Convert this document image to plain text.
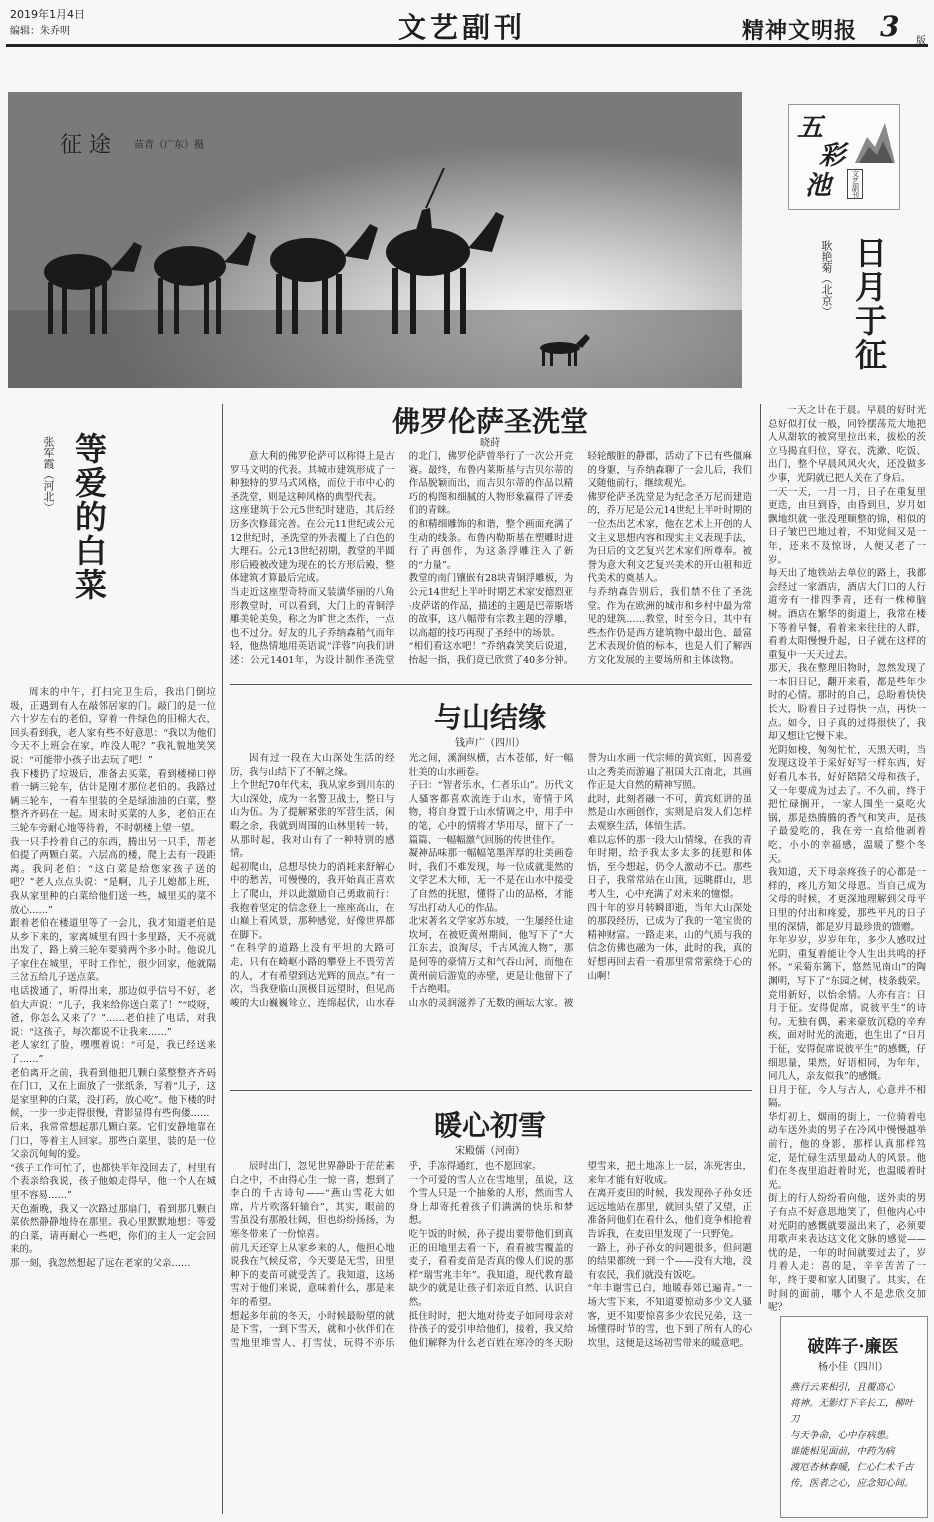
2019年1月4日
编辑：朱乔明	文艺副刊	精神文明报 3 版
征 途 苗青（广东）摄
五
彩
池	文艺副刊
日月于征
耿艳菊（北京）
一天之计在于晨。早晨的好时光总好似打仗一般，同铃摆荡荒大地把人从甜软的被窝里拉出来，拔松的茨立马揭直归位，穿衣、洗漱、吃饭、出门，整个早晨风风火火，还没做多少事，光阴就已把人关在了身后。
一天一天，一月一月，日子在重复里更迭，由旦到昏，由昏到旦，岁月如飘地织就一张没理顺整的锦，相似的日子皱巴巴地过着，不知觉间又是一年，还来不及惊讶，人便又老了一岁。
每天出了地铁站去单位的路上，我都会经过一家酒店，酒店大门口的人行道旁有一排四季青，还有一株樟脑树。酒店在繁华的街道上，我常在楼下等着早餐，看着来来往往的人群，看着太阳慢慢升起，日子就在这样的重复中一天天过去。
那天，我在整理旧物时，忽然发现了一本旧日记，翻开来看，都是些年少时的心情。那时的自己，总盼着快快长大，盼着日子过得快一点，再快一点。如今，日子真的过得很快了，我却又想让它慢下来。
光阴如梭，匆匆忙忙，天黑天明，当发现这设羊于采好好写一样东西，好好看几本书，好好陪陪父母和孩子，又一年要成为过去了。不久前，终于把忙碌搁开，一家人围坐一桌吃火锅，那是热腾腾的香气和笑声，是孩子最爱吃的，我在旁一直给他剥着吃，小小的幸福感，温暖了整个冬天。
我知道，天下母亲疼孩子的心都是一样的，疼儿方知父母恩。当自己成为父母的时候，才更深地理解到父母平日里的付出和疼爱，那些平凡的日子里的深情，都是岁月最珍贵的馈赠。
年年岁岁，岁岁年年，多少人感叹过光阴，重复着能让令人生出共鸣的抒怀。“采菊东篱下，悠然见南山”的陶渊明，写下了“东园之树，枝条载荣。竞用新好，以怡余情。人亦有言：日月于征。安得促席，说彼平生”的诗句。无独有偶，素来豪放沉稳的辛弃疾，面对时光的流逝，也生出了“日月于征，安得促席说彼平生”的感慨，仔细思量，果然，好语相同，为年年，同几人，亲友似我”的感慨。
日月于征，今人与古人，心意并不相隔。
华灯初上，烟雨的街上，一位骑着电动车送外卖的男子在冷风中慢慢越举前行，他的身影，那样认真那样笃定，是忙碌生活里最动人的风景。他们在冬夜里追赶着时光，也温暖着时光。
街上的行人纷纷看向他，送外卖的男子有点不好意思地笑了，但他内心中对光阴的感慨就要溢出来了，必须要用歌声来表达这文化文脉的感觉——忧的是，一年的时间就要过去了，岁月着人走：喜的是，辛辛苦苦了一年，终于要和家人团聚了。其实，在时间的面前，哪个人不是悲欣交加呢？
等爱的白菜
张军霞（河北）
周末的中午，打扫完卫生后，我出门倒垃圾，正遇到有人在敲邻居家的门。敲门的是一位六十岁左右的老伯，穿着一件绿色的旧棉大衣，回头看到我，老人家有些不好意思：“我以为他们今天不上班会在家，咋没人呢？”我礼貌地笑笑说：“可能带小孩子出去玩了吧！”
我下楼扔了垃圾后，准备去买菜，看到楼梯口停着一辆三轮车，估计是刚才那位老伯的。我路过辆三轮车，一看车里装的全是绿油油的白菜，整整齐齐码在一起。周末时买菜的人多，老伯正在三轮车旁耐心地等待着，不时朝楼上望一望。
我一只手拎着自己的东西，腾出另一只手，帮老伯提了两颗白菜。六层高的楼，爬上去有一段距离。我问老伯：“这白菜是给您家孩子送的吧？”老人点点头说：“是啊，儿子儿媳都上班，我从家里种的白菜给他们送一些，城里买的菜不放心……”
跟着老伯在楼道里等了一会儿，我才知道老伯是从乡下来的，家离城里有四十多里路，天不亮就出发了，路上骑三轮车要骑两个多小时。他说儿子家住在城里，平时工作忙，很少回家，他就隔三岔五给儿子送点菜。
电话拨通了，听得出来，那边似乎信号不好，老伯大声说：“儿子，我来给你送白菜了！”“哎呀，爸，你怎么又来了？”……老伯挂了电话，对我说：“这孩子，每次都说不让我来……”
老人家红了脸，嘿嘿着说：“可是，我已经送来了……”
老伯离开之前，我看到他把几颗白菜整整齐齐码在门口，又在上面放了一张纸条，写着“儿子，这是家里种的白菜，没打药，放心吃”。他下楼的时候，一步一步走得很慢，背影显得有些佝偻……
后来，我常常想起那几颗白菜。它们安静地靠在门口，等着主人回家。那些白菜里，装的是一位父亲沉甸甸的爱。
“孩子工作可忙了，也都快半年没回去了，村里有个表亲给我说，孩子他娘走得早，他一个人在城里不容易……”
天色渐晚，我又一次路过那扇门，看到那几颗白菜依然静静地待在那里。我心里默默地想：等爱的白菜，请再耐心一些吧，你们的主人一定会回来的。
那一刻，我忽然想起了远在老家的父亲……
佛罗伦萨圣洗堂
晓莳
意大利的佛罗伦萨可以称得上是古罗马文明的代表。其城市建筑形成了一种独特的罗马式风格，而位于市中心的圣洗堂，则是这种风格的典型代表。
这座建筑于公元5世纪时建造，其后经历多次修葺完善。在公元11世纪或公元12世纪时，圣洗堂的外表覆上了白色的大理石。公元13世纪初期，教堂的半圆形后殿被改建为现在的长方形后殿，整体建筑才算最后完成。
当走近这座型奇特而又装潢华丽的八角形教堂时，可以看到，大门上的青铜浮雕美轮美奂，称之为旷世之杰作，一点也不过分。好友的儿子乔纳森稍气而年轻，他热情地用英语说“洋蓉”向我们讲述：公元1401年，为设计制作圣洗堂的北门，佛罗伦萨曾举行了一次公开竞赛。最终，布鲁内莱斯基与吉贝尔蒂的作品脱颖而出，而吉贝尔蒂的作品以精巧的构图和细腻的人物形象赢得了评委们的青睐。
的和精细雕饰的和谐，整个画面充满了生动的线条。布鲁内勒斯基在塑雕时进行了再创作，为这条浮雕注入了新的“力量”。
教堂的南门镶嵌有28块青铜浮雕板，为公元14世纪上半叶时期艺术家安德烈亚·皮萨诺的作品，描述的主题是巴蒂斯塔的故事，这八幅带有宗教主题的浮雕，以高超的技巧再现了圣经中的场景。
“相们看这水吧！”乔纳森笑笑后说道，抬起一指，我们竟已欣赏了40多分钟。轻轮酸脏的静郡，活动了下已有些僵麻的身躯，与乔纳森聊了一会儿后，我们又随他前行，继续观光。
佛罗伦萨圣洗堂是为纪念圣万尼而建造的，乔万尼是公元14世纪上半叶时期的一位杰出艺术家，他在艺术上开创的人文主义思想内容和现实主义表现手法，为日后的文艺复兴艺术家们所尊奉。被誉为意大利文艺复兴美术的开山祖和近代美术的奠基人。
与乔纳森告别后，我们禁不住了圣洗堂。作为在欧洲的城市和乡村中最为常见的建筑……教堂，时至今日，其中有些杰作仍是西方建筑物中最出色、最富艺术表现价值的标本，也是人们了解西方文化发展的主要场所和主体读物。
与山结缘
钱声广（四川）
因有过一段在大山深处生活的经历，我与山结下了不解之缘。
上个世纪70年代末，我从家乡到川东的大山深处，成为一名警卫战士，整日与山为伍。为了提解紧张的军营生活，闲暇之余，我就到周围的山林里转一转，从那时起，我对山有了一种特别的感情。
起初爬山，总想尽快力的消耗来舒解心中的愁苦，可慢慢的，我开始真正喜欢上了爬山，并以此激励自己勇敢前行：我抱着坚定的信念登上一座座高山，在山巅上看风景，那种感觉，好像世界都在脚下。
“在科学的道路上没有平坦的大路可走，只有在崎岖小路的攀登上不畏劳苦的人，才有希望到达光辉的顶点。”有一次，当我登临山顶极目远望时，但见高峻的大山巍巍耸立，连绵起伏，山水春光之间，溪涧纵横，古木苍郁，好一幅壮美的山水画卷。
子曰：“智者乐水，仁者乐山”。历代文人骚客都喜欢流连于山水，寄情于风物，将自身置于山水情调之中，用手中的笔，心中的情将才华用尽，留下了一篇篇、一幅幅激气回肠的传世佳作。
凝神品味那一幅幅笔墨浑厚的壮美画卷时，我们不难发现，每一位成就斐然的文学艺术大师，无一不是在山水中接受了自然的抚慰，懂得了山的品格，才能写出打动人心的作品。
北宋著名文学家苏东坡，一生屡经仕途坎坷，在被贬黄州期间，他写下了“大江东去，浪淘尽，千古风流人物”，那是何等的豪情万丈和气吞山河，而他在黄州前后游览的赤壁，更是让他留下了千古绝唱。
山水的灵润滋养了无数的画坛大家。被誉为山水画一代宗师的黄宾虹，因喜爱山之秀美而游遍了祖国大江南北，其画作正是大自然的精神写照。
此时，此刻者融一不可，黄宾虹讲的虽然是山水画创作，实则是启发人们怎样去观察生活，体悟生活。
难以忘怀的那一段大山情缘，在我的青年时期，给予我太多太多的抚慰和体悟，至今想起，仍令人激动不已。那些日子，我常常站在山顶，远眺群山，思考人生，心中充满了对未来的憧憬。
四十年的岁月转瞬即逝，当年大山深处的那段经历，已成为了我的一笔宝贵的精神财富。一路走来，山的气质与我的信念仿佛也融为一体，此时的我，真的好想再回去看一看那里常常萦绕于心的山啊！
暖心初雪
宋殿儒（河南）
辰时出门，忽见世界静卧于茫茫素白之中，不由得心生一惊一喜，想到了李白的千古诗句——“燕山雪花大如席，片片吹落轩辕台”，其实，眼前的雪虽没有那般壮阔，但也纷纷扬扬，为寒冬带来了一份惊喜。
前几天还穿上从家乡来的人，他担心地说我在气候反常，今天要是无雪，田里种下的麦苗可就受苦了。我知道，这场雪对于他们来说，意味着什么，那是来年的希望。
想起多年前的冬天，小时候最盼望的就是下雪，一到下雪天，就和小伙伴们在雪地里堆雪人、打雪仗，玩得不亦乐乎，手冻得通红，也不愿回家。
一个可爱的雪人立在雪地里，虽说，这个雪人只是一个抽象的人形，然而雪人身上却寄托着孩子们满满的快乐和梦想。
吃午饭的时候，孙子提出要带他们到真正的田地里去看一下，看看被雪覆盖的麦子，看看麦苗是否真的像人们说的那样“瑞雪兆丰年”。我知道，现代教育最缺少的就是让孩子们亲近自然、认识自然。
抵住时时，把大地对待麦子如同母亲对待孩子的爱引申给他们，接着，我又给他们解释为什么老百姓在寒冷的冬天盼望雪来，把土地冻上一层，冻死害虫，来年才能有好收成。
在离开麦田的时候，我发现孙子孙女还远远地站在那里，就回头望了又望，正准备问他们在看什么，他们竟争相抢着告诉我，在麦田里发现了一只野兔。
一路上，孙子孙女的问题很多，但问题的结果都统一到一个——没有大地，没有农民，我们就没有饭吃。
“年丰谢雪已白，地暖春郊已遍青。”一场大雪下来，不知道要惊动多少文人骚客，更不知要惊喜多少农民兄弟，这一场懂得时节的雪，也下到了所有人的心坎里，这便是这场初雪带来的暖意吧。	破阵子·廉医
杨小佳（四川）
燕行云来相引，且覆高心
将神。无影灯下辛长工，柳叶刀
与天争命，心中存病患。
谁能相见面前，中药为病
渡厄杏林春暖，仁心仁术千古
传，医者之心，应念知心间。
